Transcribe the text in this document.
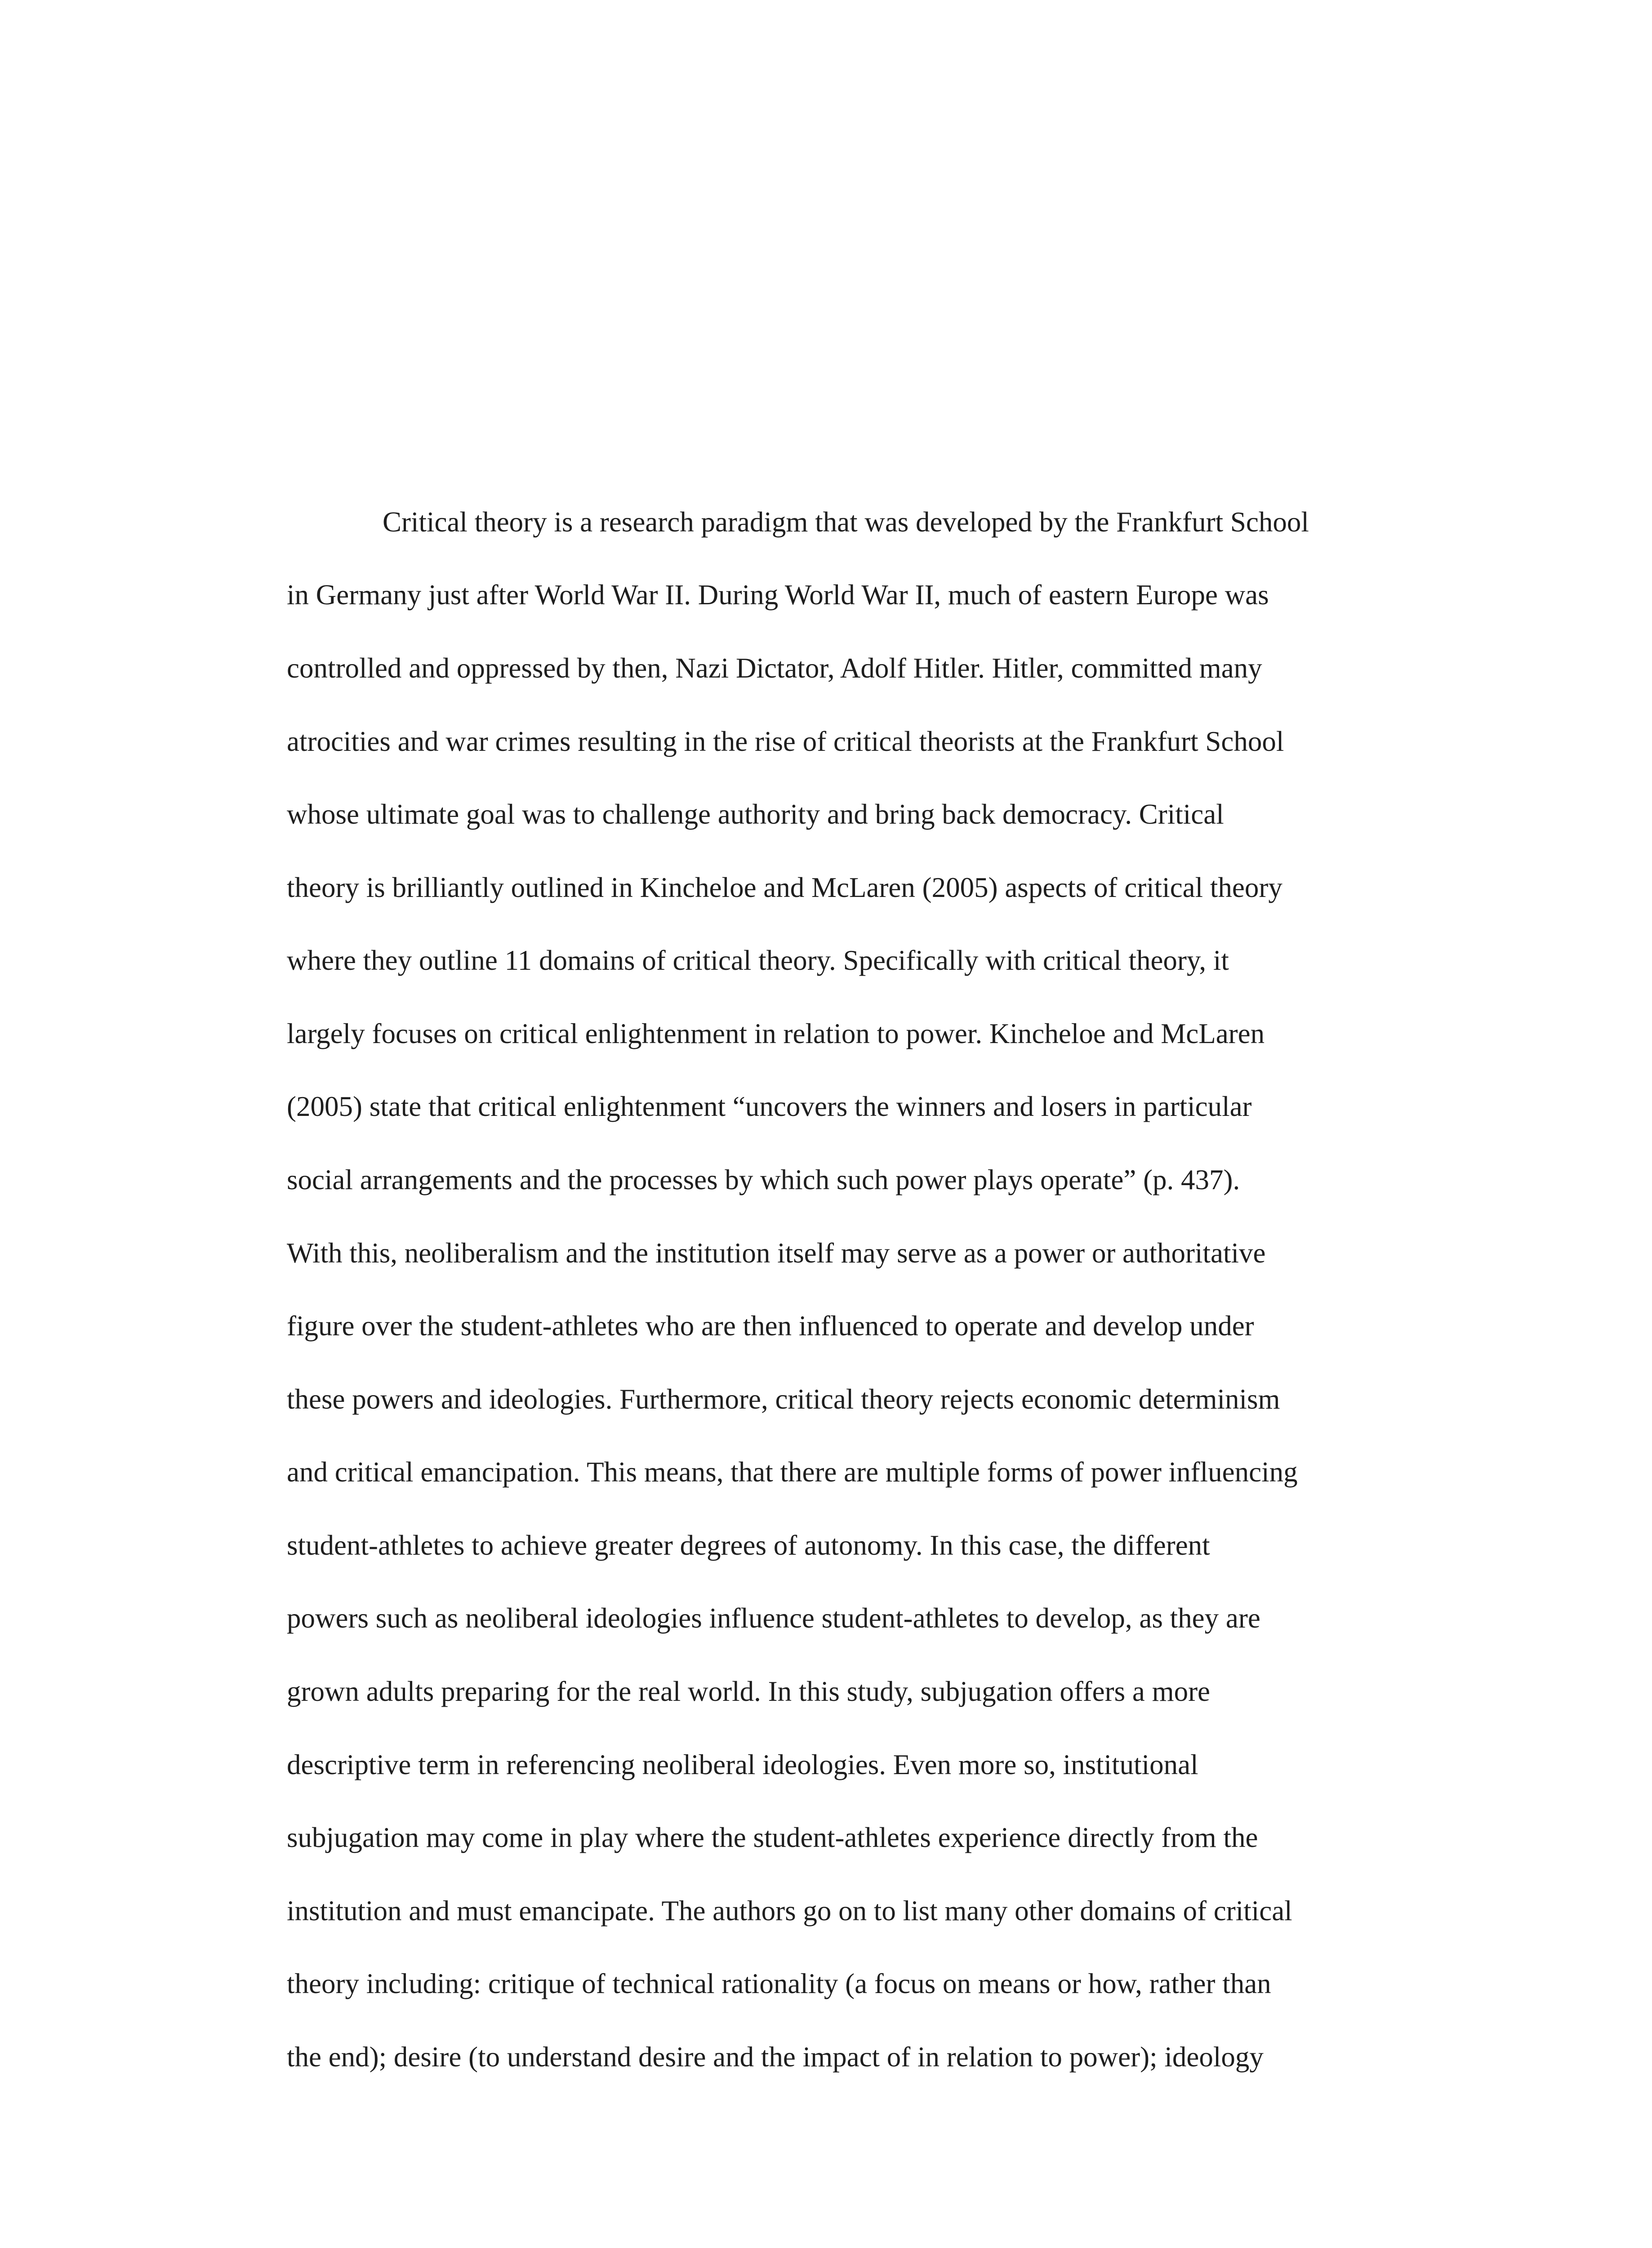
Critical theory is a research paradigm that was developed by the Frankfurt School
in Germany just after World War II. During World War II, much of eastern Europe was
controlled and oppressed by then, Nazi Dictator, Adolf Hitler. Hitler, committed many
atrocities and war crimes resulting in the rise of critical theorists at the Frankfurt School
whose ultimate goal was to challenge authority and bring back democracy. Critical
theory is brilliantly outlined in Kincheloe and McLaren (2005) aspects of critical theory
where they outline 11 domains of critical theory. Specifically with critical theory, it
largely focuses on critical enlightenment in relation to power. Kincheloe and McLaren
(2005) state that critical enlightenment “uncovers the winners and losers in particular
social arrangements and the processes by which such power plays operate” (p. 437).
With this, neoliberalism and the institution itself may serve as a power or authoritative
figure over the student-athletes who are then influenced to operate and develop under
these powers and ideologies. Furthermore, critical theory rejects economic determinism
and critical emancipation. This means, that there are multiple forms of power influencing
student-athletes to achieve greater degrees of autonomy. In this case, the different
powers such as neoliberal ideologies influence student-athletes to develop, as they are
grown adults preparing for the real world. In this study, subjugation offers a more
descriptive term in referencing neoliberal ideologies. Even more so, institutional
subjugation may come in play where the student-athletes experience directly from the
institution and must emancipate. The authors go on to list many other domains of critical
theory including: critique of technical rationality (a focus on means or how, rather than
the end); desire (to understand desire and the impact of in relation to power); ideology
